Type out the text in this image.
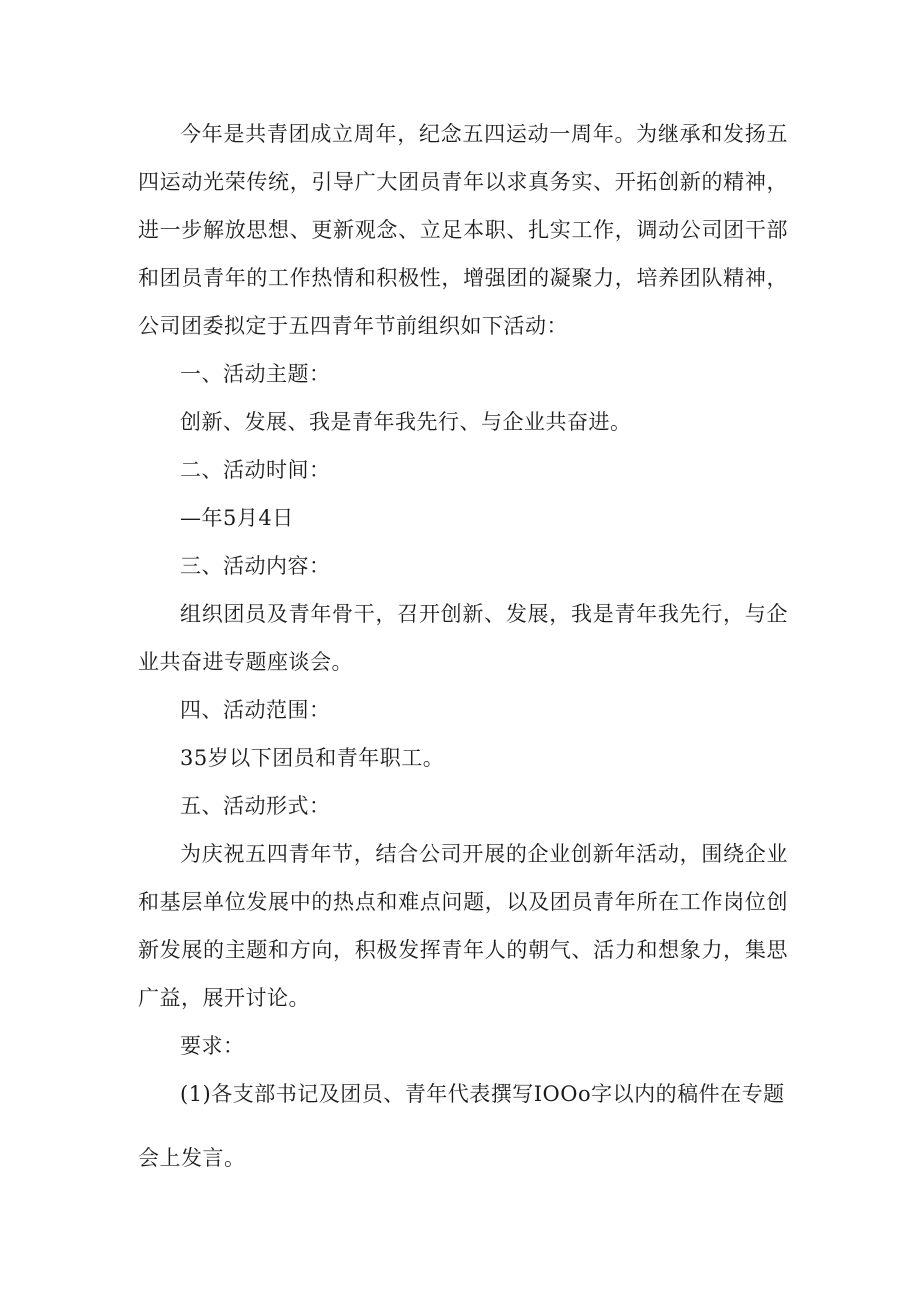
今年是共青团成立周年，纪念五四运动一周年。为继承和发扬五四运动光荣传统，引导广大团员青年以求真务实、开拓创新的精神，进一步解放思想、更新观念、立足本职、扎实工作，调动公司团干部和团员青年的工作热情和积极性，增强团的凝聚力，培养团队精神，公司团委拟定于五四青年节前组织如下活动：

一、活动主题：

创新、发展、我是青年我先行、与企业共奋进。

二、活动时间：

—年5月4日

三、活动内容：

组织团员及青年骨干，召开创新、发展，我是青年我先行，与企业共奋进专题座谈会。

四、活动范围：

35岁以下团员和青年职工。

五、活动形式：

为庆祝五四青年节，结合公司开展的企业创新年活动，围绕企业和基层单位发展中的热点和难点问题，以及团员青年所在工作岗位创新发展的主题和方向，积极发挥青年人的朝气、活力和想象力，集思广益，展开讨论。

要求：

(1)各支部书记及团员、青年代表撰写IOOo字以内的稿件在专题

会上发言。
